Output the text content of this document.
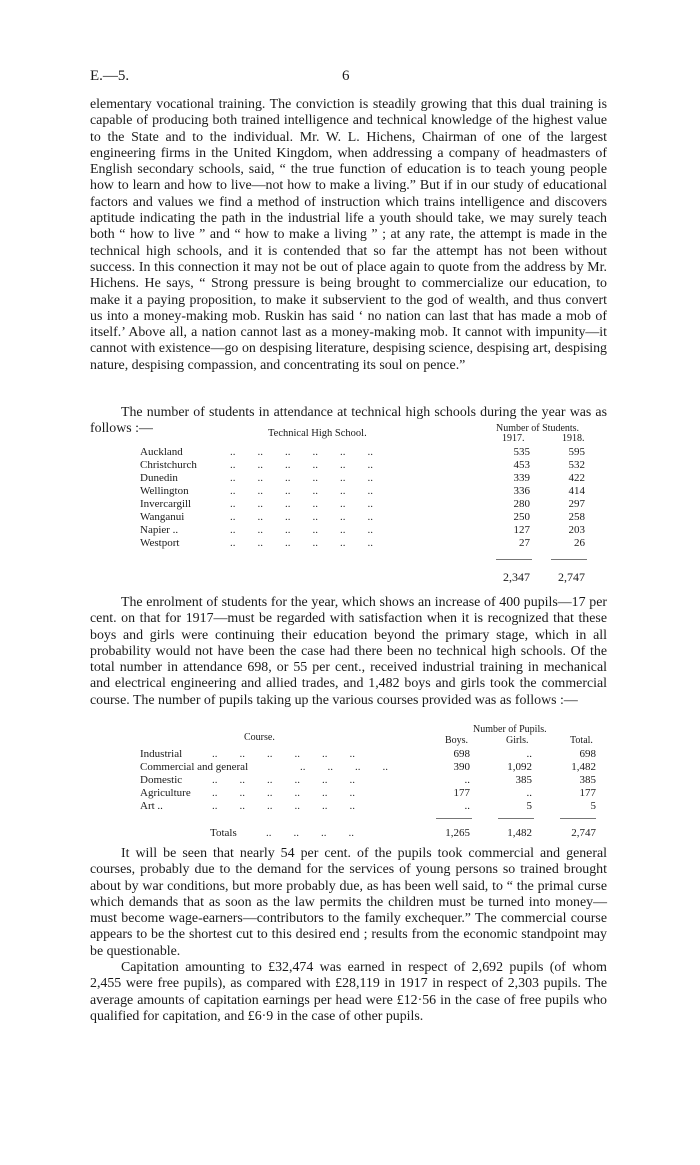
E.—5.	6

elementary vocational training. The conviction is steadily growing that this dual training is capable of producing both trained intelligence and technical knowledge of the highest value to the State and to the individual. Mr. W. L. Hichens, Chairman of one of the largest engineering firms in the United Kingdom, when addressing a company of headmasters of English secondary schools, said, “ the true function of education is to teach young people how to learn and how to live—not how to make a living.” But if in our study of educational factors and values we find a method of instruction which trains intelligence and discovers aptitude indicating the path in the industrial life a youth should take, we may surely teach both “ how to live ” and “ how to make a living ” ; at any rate, the attempt is made in the technical high schools, and it is contended that so far the attempt has not been without success. In this connection it may not be out of place again to quote from the address by Mr. Hichens. He says, “ Strong pressure is being brought to commercialize our education, to make it a paying proposition, to make it subservient to the god of wealth, and thus convert us into a money-making mob. Ruskin has said ‘ no nation can last that has made a mob of itself.’ Above all, a nation cannot last as a money-making mob. It cannot with impunity—it cannot with existence—go on despising literature, despising science, despising art, despising nature, despising compassion, and concentrating its soul on pence.”

The number of students in attendance at technical high schools during the year was as follows :—	Technical High School.	Number of Students.
1917.	1918.
Auckland	..        ..        ..        ..        ..        ..	535	595
Christchurch	..        ..        ..        ..        ..        ..	453	532
Dunedin	..        ..        ..        ..        ..        ..	339	422
Wellington	..        ..        ..        ..        ..        ..	336	414
Invercargill	..        ..        ..        ..        ..        ..	280	297
Wanganui	..        ..        ..        ..        ..        ..	250	258
Napier ..	..        ..        ..        ..        ..        ..	127	203
Westport	..        ..        ..        ..        ..        ..	27	26
2,347	2,747

The enrolment of students for the year, which shows an increase of 400 pupils—17 per cent. on that for 1917—must be regarded with satisfaction when it is recognized that these boys and girls were continuing their education beyond the primary stage, which in all probability would not have been the case had there been no technical high schools. Of the total number in attendance 698, or 55 per cent., received industrial training in mechanical and electrical engineering and allied trades, and 1,482 boys and girls took the commercial course. The number of pupils taking up the various courses provided was as follows :—

Course.
Number of Pupils.
Boys.	Girls.	Total.
Industrial	..        ..        ..        ..        ..        ..	698	..	698
Commercial and general	..        ..        ..        ..	390	1,092	1,482
Domestic	..        ..        ..        ..        ..        ..	..	385	385
Agriculture ..        ..        ..        ..        ..        ..	177	..	177
Art ..	..        ..        ..        ..        ..        ..	..	5	5
Totals	..        ..        ..        ..	1,265	1,482	2,747

It will be seen that nearly 54 per cent. of the pupils took commercial and general courses, probably due to the demand for the services of young persons so trained brought about by war conditions, but more probably due, as has been well said, to “ the primal curse which demands that as soon as the law permits the children must be turned into money—must become wage-earners—contributors to the family exchequer.” The commercial course appears to be the shortest cut to this desired end ; results from the economic standpoint may be questionable.

Capitation amounting to £32,474 was earned in respect of 2,692 pupils (of whom 2,455 were free pupils), as compared with £28,119 in 1917 in respect of 2,303 pupils. The average amounts of capitation earnings per head were £12·56 in the case of free pupils who qualified for capitation, and £6·9 in the case of other pupils.
